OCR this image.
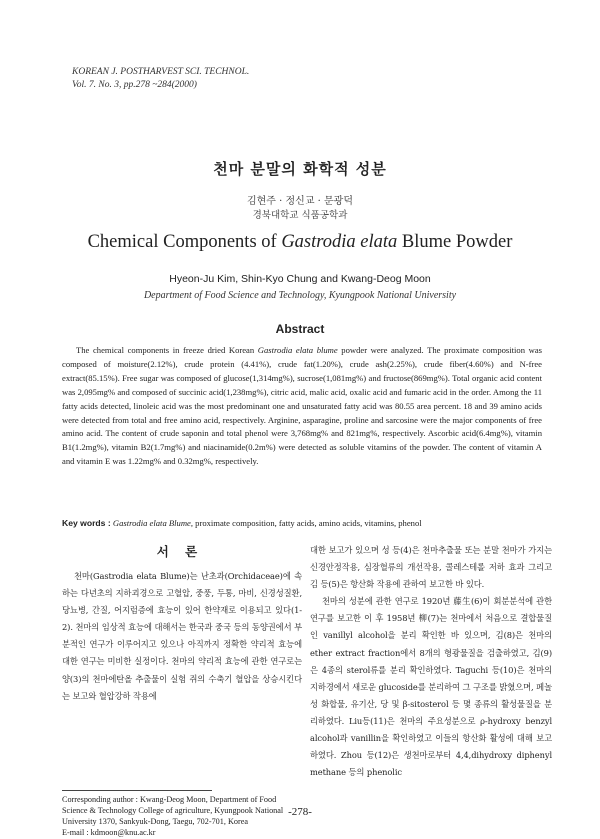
KOREAN J. POSTHARVEST SCI. TECHNOL.
Vol. 7. No. 3, pp.278 ~284(2000)
천마 분말의 화학적 성분
김현주 · 정신교 · 문광덕
경북대학교 식품공학과
Chemical Components of Gastrodia elata Blume Powder
Hyeon-Ju Kim, Shin-Kyo Chung and Kwang-Deog Moon
Department of Food Science and Technology, Kyungpook National University
Abstract
The chemical components in freeze dried Korean Gastrodia elata blume powder were analyzed. The proximate composition was composed of moisture(2.12%), crude protein (4.41%), crude fat(1.20%), crude ash(2.25%), crude fiber(4.60%) and N-free extract(85.15%). Free sugar was composed of glucose(1,314mg%), sucrose(1,081mg%) and fructose(869mg%). Total organic acid content was 2,095mg% and composed of succinic acid(1,238mg%), citric acid, malic acid, oxalic acid and fumaric acid in the order. Among the 11 fatty acids detected, linoleic acid was the most predominant one and unsaturated fatty acid was 80.55 area percent. 18 and 39 amino acids were detected from total and free amino acid, respectively. Arginine, asparagine, proline and sarcosine were the major components of free amino acid. The content of crude saponin and total phenol were 3,768mg% and 821mg%, respectively. Ascorbic acid(6.4mg%), vitamin B1(1.2mg%), vitamin B2(1.7mg%) and niacinamide(0.2m%) were detected as soluble vitamins of the powder. The content of vitamin A and vitamin E was 1.22mg% and 0.32mg%, respectively.
Key words : Gastrodia elata Blume, proximate composition, fatty acids, amino acids, vitamins, phenol
서 론

천마(Gastrodia elata Blume)는 난초과(Orchidaceae)에 속하는 다년초의 지하괴경으로 고혈압, 중풍, 두통, 마비, 신경성질환, 당뇨병, 간질, 어지럼증에 효능이 있어 한약재로 이용되고 있다(1-2). 천마의 임상적 효능에 대해서는 한국과 중국 등의 동양권에서 부분적인 연구가 이루어지고 있으나 아직까지 정확한 약리적 효능에 대한 연구는 미비한 실정이다. 천마의 약리적 효능에 관한 연구로는 양(3)의 천마에탄올 추출물이 실험 쥐의 수축기 혈압을 상승시킨다는 보고와 혈압강하 작용에

대한 보고가 있으며 성 등(4)은 천마추출물 또는 분말 천마가 가지는 신경안정작용, 심장혈류의 개선작용, 콜레스테롤 저하 효과 그리고 김 등(5)은 항산화 작용에 관하여 보고한 바 있다.

천마의 성분에 관한 연구로 1920년 藤生(6)이 회분분석에 관한 연구를 보고한 이 후 1958년 柳(7)는 천마에서 처음으로 결합물질인 vanillyl alcohol을 분리 확인한 바 있으며, 김(8)은 천마의 ether extract fraction에서 8개의 형광물질을 검출하였고, 김(9)은 4종의 sterol류를 분리 확인하였다. Taguchi 등(10)은 천마의 지하경에서 새로운 glucoside를 분리하여 그 구조를 밝혔으며, 페놀성 화합물, 유기산, 당 및 β-sitosterol 등 몇 종류의 활성물질을 분리하였다. Liu등(11)은 천마의 주요성분으로 ρ-hydroxy benzyl alcohol과 vanillin을 확인하였고 이들의 항산화 활성에 대해 보고하였다. Zhou 등(12)은 생천마로부터 4,4,dihydroxy diphenyl methane 등의 phenolic

Corresponding author : Kwang-Deog Moon, Department of Food Science & Technology College of agriculture, Kyungpook National University 1370, Sankyuk-Dong, Taegu, 702-701, Korea
E-mail : kdmoon@knu.ac.kr
-278-
